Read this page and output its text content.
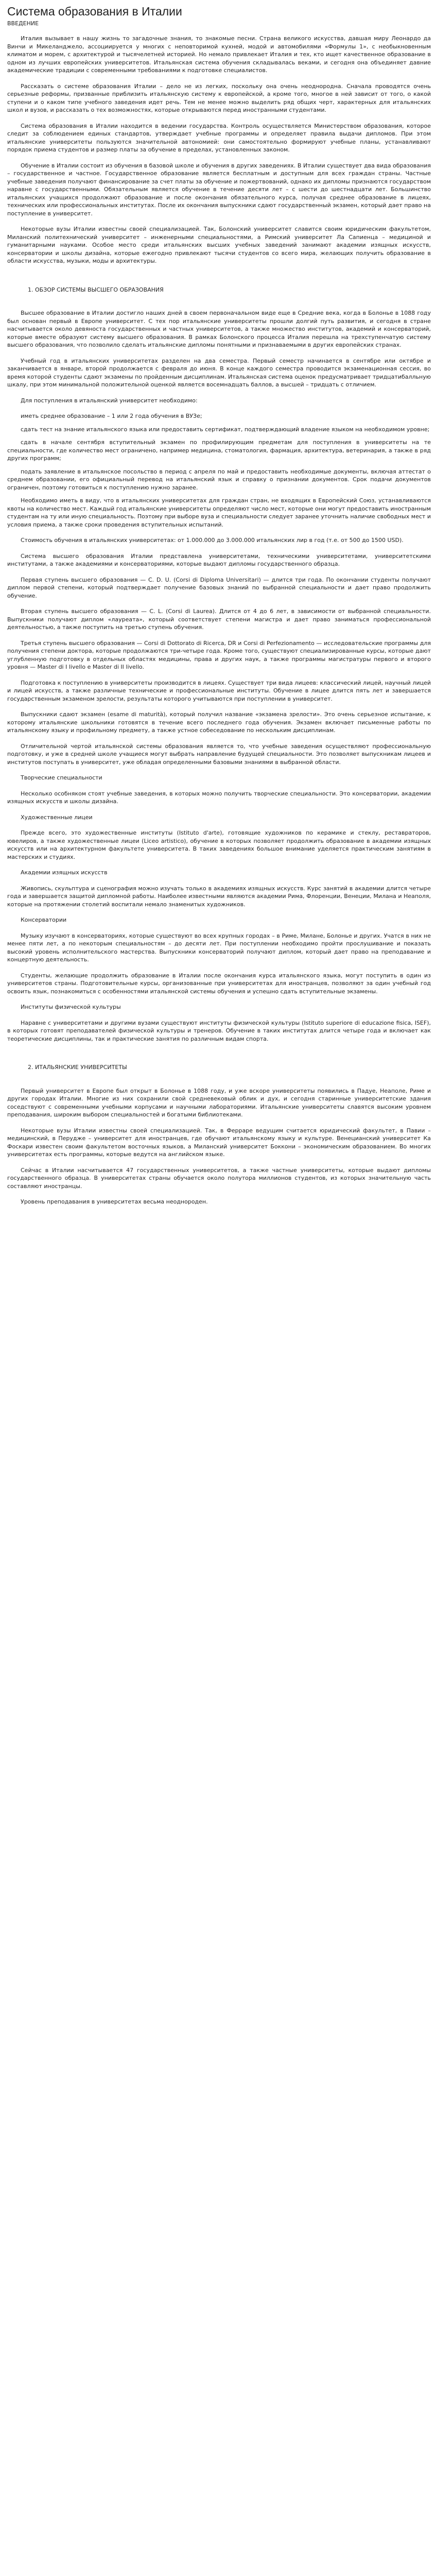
Система образования в Италии
ВВЕДЕНИЕ

Италия вызывает в нашу жизнь то загадочные знания, то знакомые песни. Страна великого искусства, давшая миру Леонардо да Винчи и Микеланджело, ассоциируется у многих с неповторимой кухней, модой и автомобилями «Формулы 1», с необыкновенным климатом и морем, с архитектурой и тысячелетней историей. Но немало привлекает Италия и тех, кто ищет качественное образование в одном из лучших европейских университетов. Итальянская система обучения складывалась веками, и сегодня она объединяет давние академические традиции с современными требованиями к подготовке специалистов.

Рассказать о системе образования Италии – дело не из легких, поскольку она очень неоднородна. Сначала проводятся очень серьезные реформы, призванные приблизить итальянскую систему к европейской, а кроме того, многое в ней зависит от того, о какой ступени и о каком типе учебного заведения идет речь. Тем не менее можно выделить ряд общих черт, характерных для итальянских школ и вузов, и рассказать о тех возможностях, которые открываются перед иностранными студентами.

Система образования в Италии находится в ведении государства. Контроль осуществляется Министерством образования, которое следит за соблюдением единых стандартов, утверждает учебные программы и определяет правила выдачи дипломов. При этом итальянские университеты пользуются значительной автономией: они самостоятельно формируют учебные планы, устанавливают порядок приема студентов и размер платы за обучение в пределах, установленных законом.

Обучение в Италии состоит из обучения в базовой школе и обучения в других заведениях. В Италии существует два вида образования – государственное и частное. Государственное образование является бесплатным и доступным для всех граждан страны. Частные учебные заведения получают финансирование за счет платы за обучение и пожертвований, однако их дипломы признаются государством наравне с государственными. Обязательным является обучение в течение десяти лет – с шести до шестнадцати лет. Большинство итальянских учащихся продолжают образование и после окончания обязательного курса, получая среднее образование в лицеях, технических или профессиональных институтах. После их окончания выпускники сдают государственный экзамен, который дает право на поступление в университет.

Некоторые вузы Италии известны своей специализацией. Так, Болонский университет славится своим юридическим факультетом, Миланский политехнический университет – инженерными специальностями, а Римский университет Ла Сапиенца – медициной и гуманитарными науками. Особое место среди итальянских высших учебных заведений занимают академии изящных искусств, консерватории и школы дизайна, которые ежегодно привлекают тысячи студентов со всего мира, желающих получить образование в области искусства, музыки, моды и архитектуры.

1. ОБЗОР СИСТЕМЫ ВЫСШЕГО ОБРАЗОВАНИЯ

Высшее образование в Италии достигло наших дней в своем первоначальном виде еще в Средние века, когда в Болонье в 1088 году был основан первый в Европе университет. С тех пор итальянские университеты прошли долгий путь развития, и сегодня в стране насчитывается около девяноста государственных и частных университетов, а также множество институтов, академий и консерваторий, которые вместе образуют систему высшего образования. В рамках Болонского процесса Италия перешла на трехступенчатую систему высшего образования, что позволило сделать итальянские дипломы понятными и признаваемыми в других европейских странах.

Учебный год в итальянских университетах разделен на два семестра. Первый семестр начинается в сентябре или октябре и заканчивается в январе, второй продолжается с февраля до июня. В конце каждого семестра проводится экзаменационная сессия, во время которой студенты сдают экзамены по пройденным дисциплинам. Итальянская система оценок предусматривает тридцатибалльную шкалу, при этом минимальной положительной оценкой является восемнадцать баллов, а высшей – тридцать с отличием.

Для поступления в итальянский университет необходимо:

иметь среднее образование – 1 или 2 года обучения в ВУЗе;

сдать тест на знание итальянского языка или предоставить сертификат, подтверждающий владение языком на необходимом уровне;

сдать в начале сентября вступительный экзамен по профилирующим предметам для поступления в университеты на те специальности, где количество мест ограничено, например медицина, стоматология, фармация, архитектура, ветеринария, а также в ряд других программ;

подать заявление в итальянское посольство в период с апреля по май и предоставить необходимые документы, включая аттестат о среднем образовании, его официальный перевод на итальянский язык и справку о признании документов. Срок подачи документов ограничен, поэтому готовиться к поступлению нужно заранее.

Необходимо иметь в виду, что в итальянских университетах для граждан стран, не входящих в Европейский Союз, устанавливаются квоты на количество мест. Каждый год итальянские университеты определяют число мест, которые они могут предоставить иностранным студентам на ту или иную специальность. Поэтому при выборе вуза и специальности следует заранее уточнить наличие свободных мест и условия приема, а также сроки проведения вступительных испытаний.

Стоимость обучения в итальянских университетах: от 1.000.000 до 3.000.000 итальянских лир в год (т.е. от 500 до 1500 USD).

Система высшего образования Италии представлена университетами, техническими университетами, университетскими институтами, а также академиями и консерваториями, которые выдают дипломы государственного образца.

Первая ступень высшего образования — C. D. U. (Corsi di Diploma Universitari) — длится три года. По окончании студенты получают диплом первой степени, который подтверждает получение базовых знаний по выбранной специальности и дает право продолжить обучение.

Вторая ступень высшего образования — C. L. (Corsi di Laurea). Длится от 4 до 6 лет, в зависимости от выбранной специальности. Выпускники получают диплом «лауреата», который соответствует степени магистра и дает право заниматься профессиональной деятельностью, а также поступить на третью ступень обучения.

Третья ступень высшего образования — Corsi di Dottorato di Ricerca, DR и Corsi di Perfezionamento — исследовательские программы для получения степени доктора, которые продолжаются три-четыре года. Кроме того, существуют специализированные курсы, которые дают углубленную подготовку в отдельных областях медицины, права и других наук, а также программы магистратуры первого и второго уровня — Master di I livello e Master di II livello.

Подготовка к поступлению в университеты производится в лицеях. Существует три вида лицеев: классический лицей, научный лицей и лицей искусств, а также различные технические и профессиональные институты. Обучение в лицее длится пять лет и завершается государственным экзаменом зрелости, результаты которого учитываются при поступлении в университет.

Выпускники сдают экзамен (esame di maturità), который получил название «экзамена зрелости». Это очень серьезное испытание, к которому итальянские школьники готовятся в течение всего последнего года обучения. Экзамен включает письменные работы по итальянскому языку и профильному предмету, а также устное собеседование по нескольким дисциплинам.

Отличительной чертой итальянской системы образования является то, что учебные заведения осуществляют профессиональную подготовку, и уже в средней школе учащиеся могут выбрать направление будущей специальности. Это позволяет выпускникам лицеев и институтов поступать в университет, уже обладая определенными базовыми знаниями в выбранной области.

Творческие специальности

Несколько особняком стоят учебные заведения, в которых можно получить творческие специальности. Это консерватории, академии изящных искусств и школы дизайна.

Художественные лицеи

Прежде всего, это художественные институты (Istituto d'arte), готовящие художников по керамике и стеклу, реставраторов, ювелиров, а также художественные лицеи (Liceo artistico), обучение в которых позволяет продолжить образование в академии изящных искусств или на архитектурном факультете университета. В таких заведениях большое внимание уделяется практическим занятиям в мастерских и студиях.

Академии изящных искусств

Живопись, скульптура и сценография можно изучать только в академиях изящных искусств. Курс занятий в академии длится четыре года и завершается защитой дипломной работы. Наиболее известными являются академии Рима, Флоренции, Венеции, Милана и Неаполя, которые на протяжении столетий воспитали немало знаменитых художников.

Консерватории

Музыку изучают в консерваториях, которые существуют во всех крупных городах – в Риме, Милане, Болонье и других. Учатся в них не менее пяти лет, а по некоторым специальностям – до десяти лет. При поступлении необходимо пройти прослушивание и показать высокий уровень исполнительского мастерства. Выпускники консерваторий получают диплом, который дает право на преподавание и концертную деятельность.

Студенты, желающие продолжить образование в Италии после окончания курса итальянского языка, могут поступить в один из университетов страны. Подготовительные курсы, организованные при университетах для иностранцев, позволяют за один учебный год освоить язык, познакомиться с особенностями итальянской системы обучения и успешно сдать вступительные экзамены.

Институты физической культуры

Наравне с университетами и другими вузами существуют институты физической культуры (Istituto superiore di educazione fisica, ISEF), в которых готовят преподавателей физической культуры и тренеров. Обучение в таких институтах длится четыре года и включает как теоретические дисциплины, так и практические занятия по различным видам спорта.

2. ИТАЛЬЯНСКИЕ УНИВЕРСИТЕТЫ

Первый университет в Европе был открыт в Болонье в 1088 году, и уже вскоре университеты появились в Падуе, Неаполе, Риме и других городах Италии. Многие из них сохранили свой средневековый облик и дух, и сегодня старинные университетские здания соседствуют с современными учебными корпусами и научными лабораториями. Итальянские университеты славятся высоким уровнем преподавания, широким выбором специальностей и богатыми библиотеками.

Некоторые вузы Италии известны своей специализацией. Так, в Ферраре ведущим считается юридический факультет, в Павии – медицинский, в Перудже – университет для иностранцев, где обучают итальянскому языку и культуре. Венецианский университет Ка Фоскари известен своим факультетом восточных языков, а Миланский университет Боккони – экономическим образованием. Во многих университетах есть программы, которые ведутся на английском языке.

Сейчас в Италии насчитывается 47 государственных университетов, а также частные университеты, которые выдают дипломы государственного образца. В университетах страны обучается около полутора миллионов студентов, из которых значительную часть составляют иностранцы.

Уровень преподавания в университетах весьма неоднороден.
